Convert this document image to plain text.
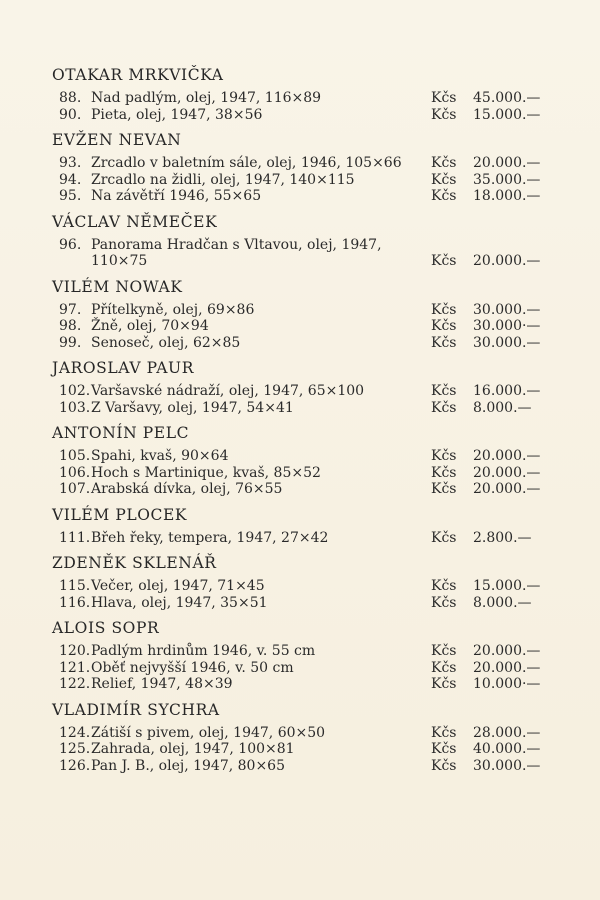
OTAKAR MRKVIČKA
88. Nad padlým, olej, 1947, 116×89	Kčs	45.000.—
90. Pieta, olej, 1947, 38×56	Kčs	15.000.—
EVŽEN NEVAN
93. Zrcadlo v baletním sále, olej, 1946, 105×66	Kčs	20.000.—
94. Zrcadlo na židli, olej, 1947, 140×115	Kčs	35.000.—
95. Na závětří 1946, 55×65	Kčs	18.000.—
VÁCLAV NĚMEČEK
96. Panorama Hradčan s Vltavou, olej, 1947,
110×75	Kčs	20.000.—
VILÉM NOWAK
97. Přítelkyně, olej, 69×86	Kčs	30.000.—
98. Žně, olej, 70×94	Kčs	30.000·—
99. Senoseč, olej, 62×85	Kčs	30.000.—
JAROSLAV PAUR
102. Varšavské nádraží, olej, 1947, 65×100	Kčs	16.000.—
103. Z Varšavy, olej, 1947, 54×41	Kčs	8.000.—
ANTONÍN PELC
105. Spahi, kvaš, 90×64	Kčs	20.000.—
106. Hoch s Martinique, kvaš, 85×52	Kčs	20.000.—
107. Arabská dívka, olej, 76×55	Kčs	20.000.—
VILÉM PLOCEK
111. Břeh řeky, tempera, 1947, 27×42	Kčs	2.800.—
ZDENĚK SKLENÁŘ
115. Večer, olej, 1947, 71×45	Kčs	15.000.—
116. Hlava, olej, 1947, 35×51	Kčs	8.000.—
ALOIS SOPR
120. Padlým hrdinům 1946, v. 55 cm	Kčs	20.000.—
121. Oběť nejvyšší 1946, v. 50 cm	Kčs	20.000.—
122. Relief, 1947, 48×39	Kčs	10.000·—
VLADIMÍR SYCHRA
124. Zátiší s pivem, olej, 1947, 60×50	Kčs	28.000.—
125. Zahrada, olej, 1947, 100×81	Kčs	40.000.—
126. Pan J. B., olej, 1947, 80×65	Kčs	30.000.—
